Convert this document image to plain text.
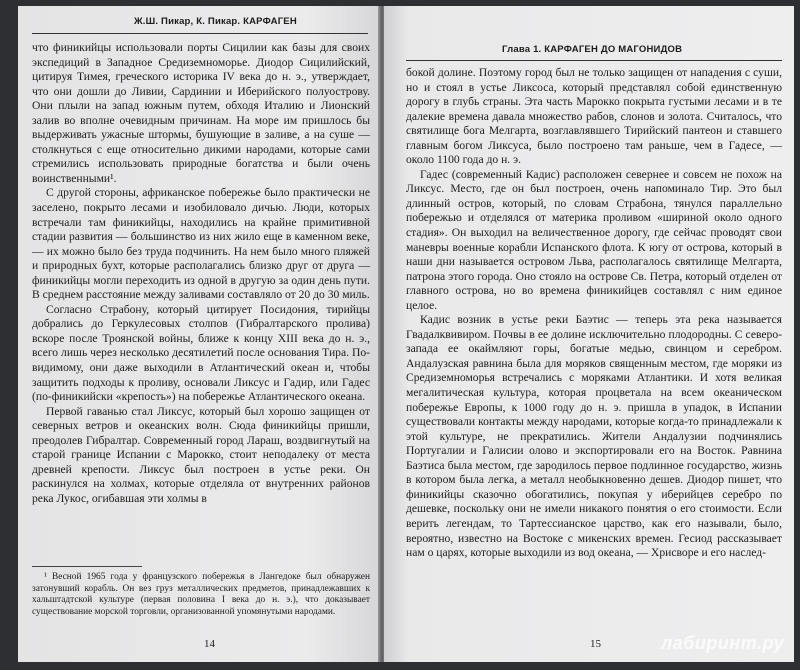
Ж.Ш. Пикар, К. Пикар. КАРФАГЕН

что финикийцы использовали порты Сицилии как базы для своих экспедиций в Западное Средиземноморье. Диодор Сицилийский, цитируя Тимея, греческого историка IV века до н. э., утверждает, что они дошли до Ливии, Сардинии и Иберийского полуострову. Они плыли на запад южным путем, обходя Италию и Лионский залив во вполне очевидным причинам. На море им пришлось бы выдерживать ужасные штормы, бушующие в заливе, а на суше — столкнуться с еще относительно дикими народами, которые сами стремились использовать природные богатства и были очень воинственными¹.

С другой стороны, африканское побережье было практически не заселено, покрыто лесами и изобиловало дичью. Люди, которых встречали там финикийцы, находились на крайне примитивной стадии развития — большинство из них жило еще в каменном веке, — их можно было без труда подчинить. На нем было много пляжей и природных бухт, которые располагались близко друг от друга — финикийцы могли переходить из одной в другую за один день пути. В среднем расстояние между заливами составляло от 20 до 30 миль.

Согласно Страбону, который цитирует Посидония, тирийцы добрались до Геркулесовых столпов (Гибралтарского пролива) вскоре после Троянской войны, ближе к концу XIII века до н. э., всего лишь через несколько десятилетий после основания Тира. По-видимому, они даже выходили в Атлантический океан и, чтобы защитить подходы к проливу, основали Ликсус и Гадир, или Гадес (по-финикийски «крепость») на побережье Атлантического океана.

Первой гаванью стал Ликсус, который был хорошо защищен от северных ветров и океанских волн. Сюда финикийцы пришли, преодолев Гибралтар. Современный город Лараш, воздвигнутый на старой границе Испании с Марокко, стоит неподалеку от места древней крепости. Ликсус был построен в устье реки. Он раскинулся на холмах, которые отделяла от внутренних районов река Лукос, огибавшая эти холмы в

¹ Весной 1965 года у французского побережья в Лангедоке был обнаружен затонувший корабль. Он вез груз металлических предметов, принадлежавших к хальштадтской культуре (первая половина I века до н. э.), что доказывает существование морской торговли, организованной упомянутыми народами.

14
Глава 1. КАРФАГЕН ДО МАГОНИДОВ

бокой долине. Поэтому город был не только защищен от нападения с суши, но и стоял в устье Ликсоса, который представлял собой единственную дорогу в глубь страны. Эта часть Марокко покрыта густыми лесами и в те далекие времена давала множество рабов, слонов и золота. Считалось, что святилище бога Мелгарта, возглавлявшего Тирийский пантеон и ставшего главным богом Ликсуса, было построено там раньше, чем в Гадесе, — около 1100 года до н. э.

Гадес (современный Кадис) расположен севернее и совсем не похож на Ликсус. Место, где он был построен, очень напоминало Тир. Это был длинный остров, который, по словам Страбона, тянулся параллельно побережью и отделялся от материка проливом «шириной около одного стадия». Он выходил на величественное дорогу, где сейчас проводят свои маневры военные корабли Испанского флота. К югу от острова, который в наши дни называется островом Льва, располагалось святилище Мелгарта, патрона этого города. Оно стояло на острове Св. Петра, который отделен от главного острова, но во времена финикийцев составлял с ним единое целое.

Кадис возник в устье реки Баэтис — теперь эта река называется Гвадалквивиром. Почвы в ее долине исключительно плодородны. С северо-запада ее окаймляют горы, богатые медью, свинцом и серебром. Андалузская равнина была для моряков священным местом, где моряки из Средиземноморья встречались с моряками Атлантики. И хотя великая мегалитическая культура, которая процветала на всем океаническом побережье Европы, к 1000 году до н. э. пришла в упадок, в Испании существовали контакты между народами, которые когда-то принадлежали к этой культуре, не прекратились. Жители Андалузии подчинялись Португалии и Галисии олово и экспортировали его на Восток. Равнина Баэтиса была местом, где зародилось первое подлинное государство, жизнь в котором была легка, а металл необыкновенно дешев. Диодор пишет, что финикийцы сказочно обогатились, покупая у иберийцев серебро по дешевке, поскольку они не имели никакого понятия о его стоимости. Если верить легендам, то Тартессианское царство, как его называли, было, вероятно, известно на Востоке с микенских времен. Гесиод рассказывает нам о царях, которые выходили из вод океана, — Хрисворе и его наслед-

15	лабиринт.ру
